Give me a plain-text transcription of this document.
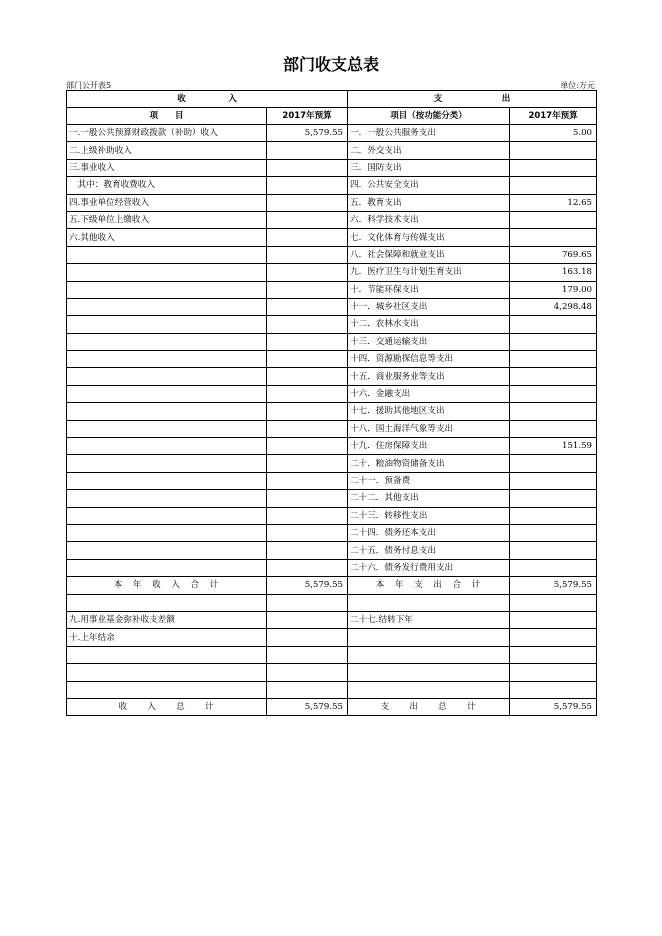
部门收支总表
部门公开表5	单位:万元
收　　　　　入		支　　　　　　　出	
项　　目	2017年预算	项目（按功能分类）	2017年预算
一.一般公共预算财政拨款（补助）收入	5,579.55	一．一般公共服务支出	5.00
二.上级补助收入		二．外交支出	
三.事业收入		三．国防支出	
　其中：教育收费收入		四．公共安全支出	
四.事业单位经营收入		五．教育支出	12.65
五.下级单位上缴收入		六．科学技术支出	
六.其他收入		七．文化体育与传媒支出	
		八．社会保障和就业支出	769.65
		九．医疗卫生与计划生育支出	163.18
		十．节能环保支出	179.00
		十一．城乡社区支出	4,298.48
		十二．农林水支出	
		十三．交通运输支出	
		十四．资源勘探信息等支出	
		十五．商业服务业等支出	
		十六．金融支出	
		十七．援助其他地区支出	
		十八．国土海洋气象等支出	
		十九．住房保障支出	151.59
		二十．粮油物资储备支出	
		二十一．预备费	
		二十二．其他支出	
		二十三．转移性支出	
		二十四．债务还本支出	
		二十五．债务付息支出	
		二十六．债务发行费用支出	
本　年　收　入　合　计	5,579.55	本　年　支　出　合　计	5,579.55

九.用事业基金弥补收支差额		二十七.结转下年	
十.上年结余			

收　　入　　总　　计	5,579.55	支　　出　　总　　计	5,579.55
